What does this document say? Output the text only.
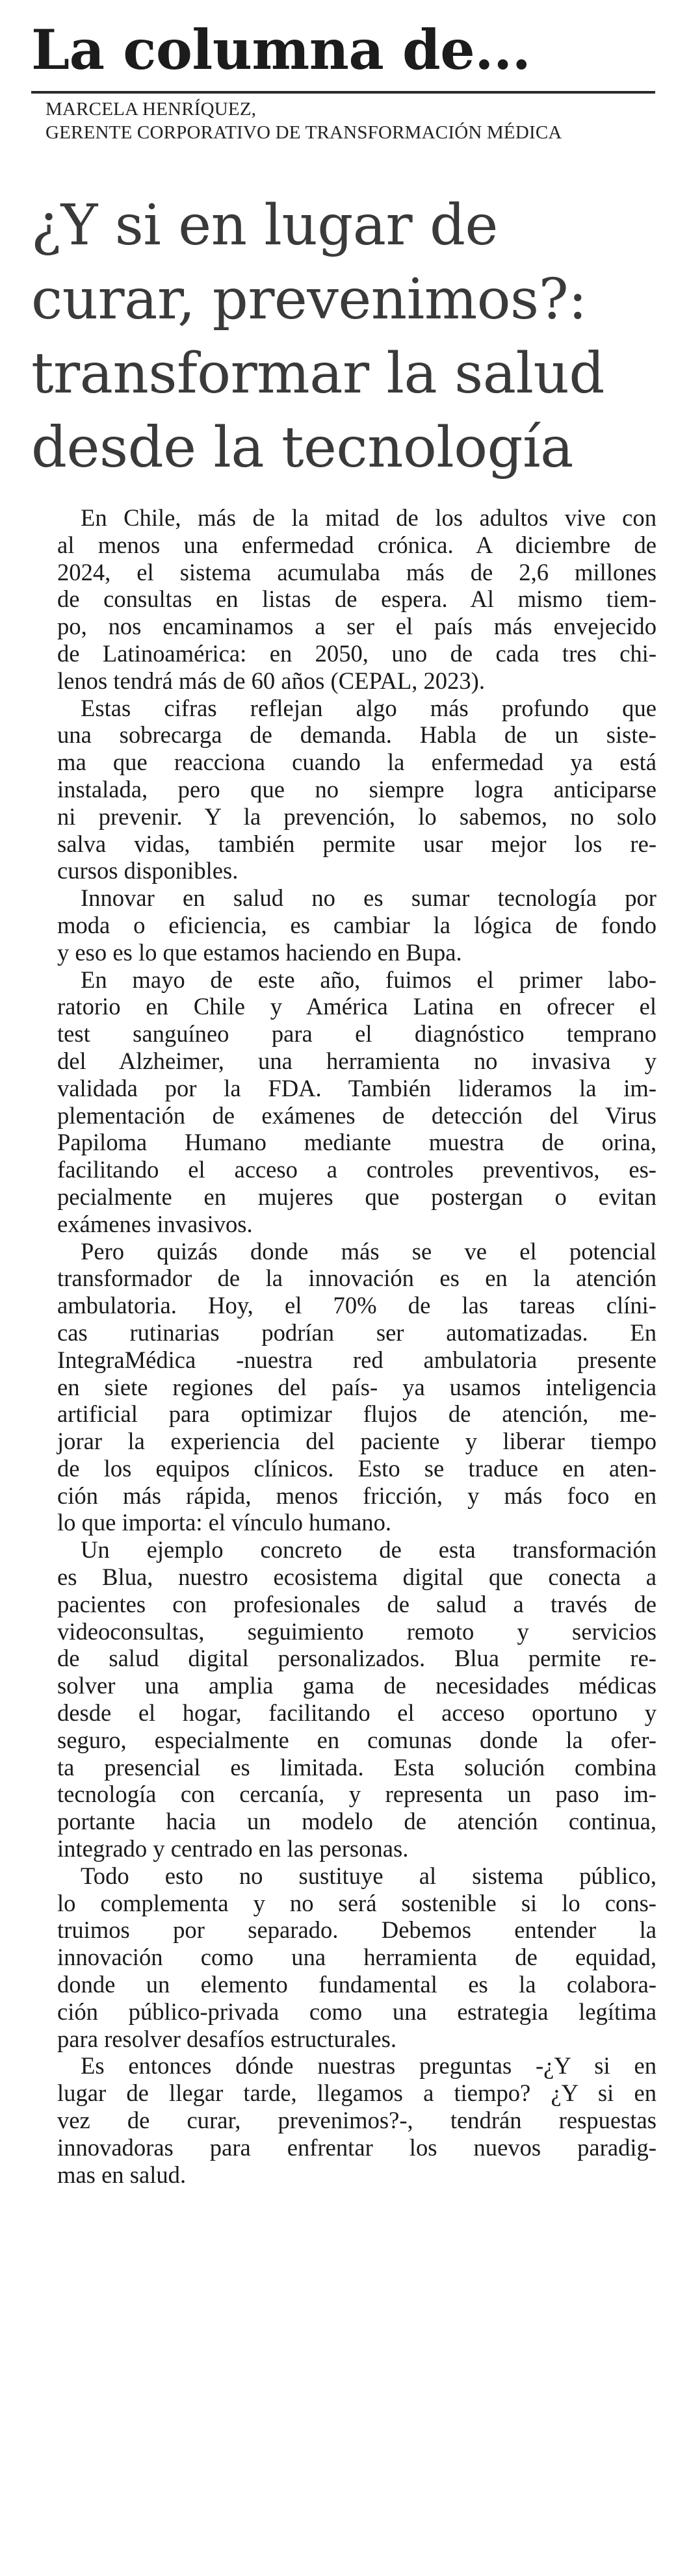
La columna de...
MARCELA HENRÍQUEZ,
GERENTE CORPORATIVO DE TRANSFORMACIÓN MÉDICA
¿Y si en lugar de
curar, prevenimos?:
transformar la salud
desde la tecnología
En Chile, más de la mitad de los adultos vive con
al menos una enfermedad crónica. A diciembre de
2024, el sistema acumulaba más de 2,6 millones
de consultas en listas de espera. Al mismo tiem-
po, nos encaminamos a ser el país más envejecido
de Latinoamérica: en 2050, uno de cada tres chi-
lenos tendrá más de 60 años (CEPAL, 2023).
Estas cifras reflejan algo más profundo que
una sobrecarga de demanda. Habla de un siste-
ma que reacciona cuando la enfermedad ya está
instalada, pero que no siempre logra anticiparse
ni prevenir. Y la prevención, lo sabemos, no solo
salva vidas, también permite usar mejor los re-
cursos disponibles.
Innovar en salud no es sumar tecnología por
moda o eficiencia, es cambiar la lógica de fondo
y eso es lo que estamos haciendo en Bupa.
En mayo de este año, fuimos el primer labo-
ratorio en Chile y América Latina en ofrecer el
test sanguíneo para el diagnóstico temprano
del Alzheimer, una herramienta no invasiva y
validada por la FDA. También lideramos la im-
plementación de exámenes de detección del Virus
Papiloma Humano mediante muestra de orina,
facilitando el acceso a controles preventivos, es-
pecialmente en mujeres que postergan o evitan
exámenes invasivos.
Pero quizás donde más se ve el potencial
transformador de la innovación es en la atención
ambulatoria. Hoy, el 70% de las tareas clíni-
cas rutinarias podrían ser automatizadas. En
IntegraMédica -nuestra red ambulatoria presente
en siete regiones del país- ya usamos inteligencia
artificial para optimizar flujos de atención, me-
jorar la experiencia del paciente y liberar tiempo
de los equipos clínicos. Esto se traduce en aten-
ción más rápida, menos fricción, y más foco en
lo que importa: el vínculo humano.
Un ejemplo concreto de esta transformación
es Blua, nuestro ecosistema digital que conecta a
pacientes con profesionales de salud a través de
videoconsultas, seguimiento remoto y servicios
de salud digital personalizados. Blua permite re-
solver una amplia gama de necesidades médicas
desde el hogar, facilitando el acceso oportuno y
seguro, especialmente en comunas donde la ofer-
ta presencial es limitada. Esta solución combina
tecnología con cercanía, y representa un paso im-
portante hacia un modelo de atención continua,
integrado y centrado en las personas.
Todo esto no sustituye al sistema público,
lo complementa y no será sostenible si lo cons-
truimos por separado. Debemos entender la
innovación como una herramienta de equidad,
donde un elemento fundamental es la colabora-
ción público-privada como una estrategia legítima
para resolver desafíos estructurales.
Es entonces dónde nuestras preguntas -¿Y si en
lugar de llegar tarde, llegamos a tiempo? ¿Y si en
vez de curar, prevenimos?-, tendrán respuestas
innovadoras para enfrentar los nuevos paradig-
mas en salud.
